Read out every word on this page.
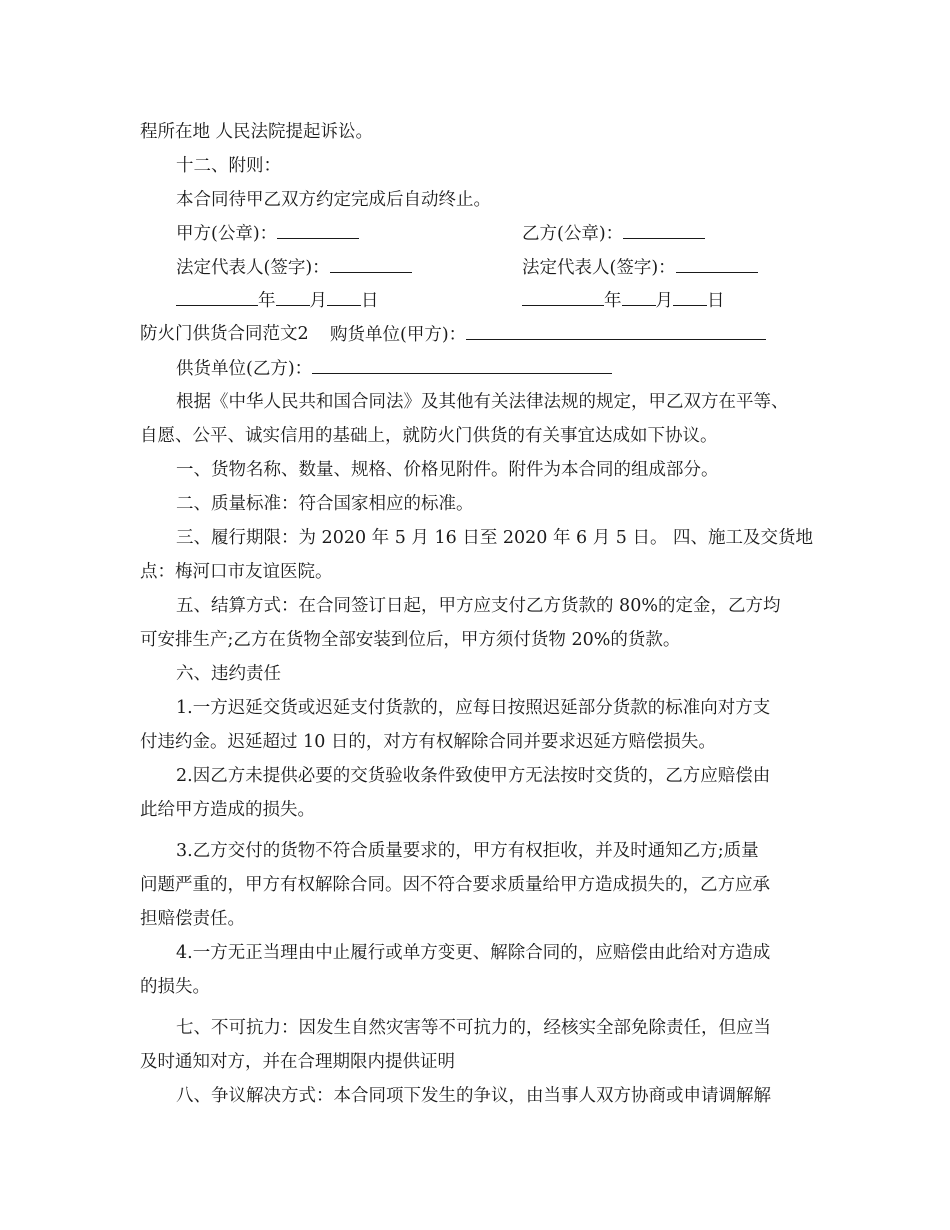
程所在地 人民法院提起诉讼。
十二、附则：
本合同待甲乙双方约定完成后自动终止。
甲方(公章)：	乙方(公章)：
法定代表人(签字)：	法定代表人(签字)：
年 月 日	年 月 日
防火门供货合同范文2 购货单位(甲方)：
供货单位(乙方)：
根据《中华人民共和国合同法》及其他有关法律法规的规定，甲乙双方在平等、
自愿、公平、诚实信用的基础上，就防火门供货的有关事宜达成如下协议。
一、货物名称、数量、规格、价格见附件。附件为本合同的组成部分。
二、质量标准：符合国家相应的标准。
三、履行期限：为 2020 年 5 月 16 日至 2020 年 6 月 5 日。 四、施工及交货地
点：梅河口市友谊医院。
五、结算方式：在合同签订日起，甲方应支付乙方货款的 80%的定金，乙方均
可安排生产;乙方在货物全部安装到位后，甲方须付货物 20%的货款。
六、违约责任
1.一方迟延交货或迟延支付货款的，应每日按照迟延部分货款的标准向对方支
付违约金。迟延超过 10 日的，对方有权解除合同并要求迟延方赔偿损失。
2.因乙方未提供必要的交货验收条件致使甲方无法按时交货的，乙方应赔偿由
此给甲方造成的损失。
3.乙方交付的货物不符合质量要求的，甲方有权拒收，并及时通知乙方;质量
问题严重的，甲方有权解除合同。因不符合要求质量给甲方造成损失的，乙方应承
担赔偿责任。
4.一方无正当理由中止履行或单方变更、解除合同的，应赔偿由此给对方造成
的损失。
七、不可抗力：因发生自然灾害等不可抗力的，经核实全部免除责任，但应当
及时通知对方，并在合理期限内提供证明
八、争议解决方式：本合同项下发生的争议，由当事人双方协商或申请调解解
